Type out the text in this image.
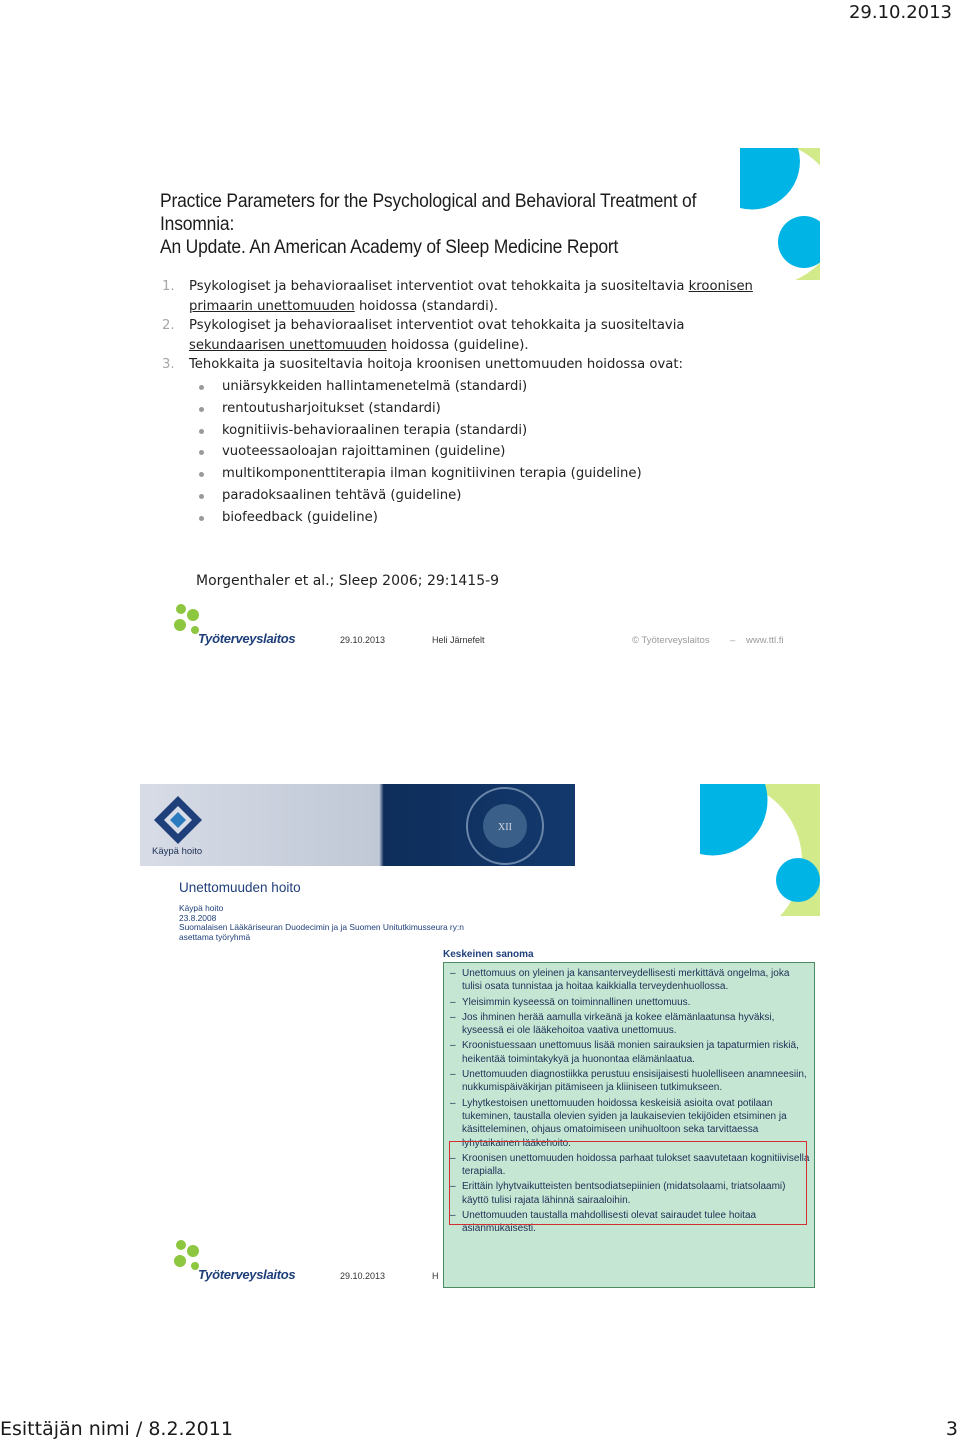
29.10.2013
Practice Parameters for the Psychological and Behavioral Treatment of Insomnia:
An Update. An American Academy of Sleep Medicine Report
1. Psykologiset ja behavioraaliset interventiot ovat tehokkaita ja suositeltavia kroonisen primaarin unettomuuden hoidossa (standardi).
2. Psykologiset ja behavioraaliset interventiot ovat tehokkaita ja suositeltavia sekundaarisen unettomuuden hoidossa (guideline).
3. Tehokkaita ja suositeltavia hoitoja kroonisen unettomuuden hoidossa ovat:
uniärsykkeiden hallintamenetelmä (standardi)
rentoutusharjoitukset (standardi)
kognitiivis-behavioraalinen terapia (standardi)
vuoteessaoloajan rajoittaminen (guideline)
multikomponenttiterapia ilman kognitiivinen terapia (guideline)
paradoksaalinen tehtävä (guideline)
biofeedback (guideline)
Morgenthaler et al.; Sleep 2006; 29:1415-9
Työterveyslaitos	29.10.2013	Heli Järnefelt	© Työterveyslaitos – www.ttl.fi
Käypä hoito
XII
Unettomuuden hoito
Käypä hoito
23.8.2008
Suomalaisen Lääkäriseuran Duodecimin ja ja Suomen Unitutkimusseura ry:n
asettama työryhmä
Keskeinen sanoma
– Unettomuus on yleinen ja kansanterveydellisesti merkittävä ongelma, joka tulisi osata tunnistaa ja hoitaa kaikkialla terveydenhuollossa.
– Yleisimmin kyseessä on toiminnallinen unettomuus.
– Jos ihminen herää aamulla virkeänä ja kokee elämänlaatunsa hyväksi, kyseessä ei ole lääkehoitoa vaativa unettomuus.
– Kroonistuessaan unettomuus lisää monien sairauksien ja tapaturmien riskiä, heikentää toimintakykyä ja huonontaa elämänlaatua.
– Unettomuuden diagnostiikka perustuu ensisijaisesti huolelliseen anamneesiin, nukkumispäiväkirjan pitämiseen ja kliiniseen tutkimukseen.
– Lyhytkestoisen unettomuuden hoidossa keskeisiä asioita ovat potilaan tukeminen, taustalla olevien syiden ja laukaisevien tekijöiden etsiminen ja käsitteleminen, ohjaus omatoimiseen unihuoltoon seka tarvittaessa lyhytaikainen lääkehoito.
– Kroonisen unettomuuden hoidossa parhaat tulokset saavutetaan kognitiivisella terapialla.
– Erittäin lyhytvaikutteisten bentsodiatsepiinien (midatsolaami, triatsolaami) käyttö tulisi rajata lähinnä sairaaloihin.
– Unettomuuden taustalla mahdollisesti olevat sairaudet tulee hoitaa asianmukaisesti.
Työterveyslaitos	29.10.2013	H
Esittäjän nimi / 8.2.2011	3
